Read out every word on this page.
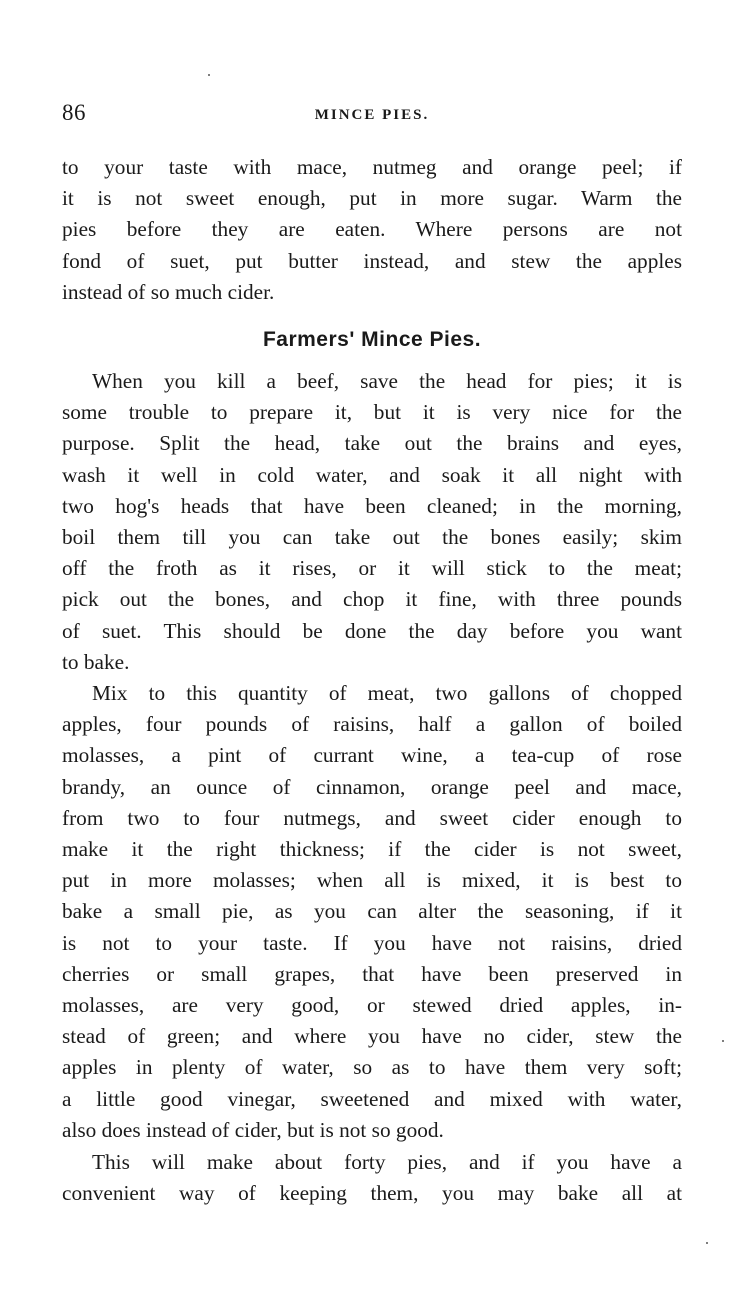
86	MINCE PIES.
to your taste with mace, nutmeg and orange peel; if
it is not sweet enough, put in more sugar. Warm the
pies before they are eaten. Where persons are not
fond of suet, put butter instead, and stew the apples
instead of so much cider.
Farmers' Mince Pies.
When you kill a beef, save the head for pies; it is
some trouble to prepare it, but it is very nice for the
purpose. Split the head, take out the brains and eyes,
wash it well in cold water, and soak it all night with
two hog's heads that have been cleaned; in the morning,
boil them till you can take out the bones easily; skim
off the froth as it rises, or it will stick to the meat;
pick out the bones, and chop it fine, with three pounds
of suet. This should be done the day before you want
to bake.
Mix to this quantity of meat, two gallons of chopped
apples, four pounds of raisins, half a gallon of boiled
molasses, a pint of currant wine, a tea-cup of rose
brandy, an ounce of cinnamon, orange peel and mace,
from two to four nutmegs, and sweet cider enough to
make it the right thickness; if the cider is not sweet,
put in more molasses; when all is mixed, it is best to
bake a small pie, as you can alter the seasoning, if it
is not to your taste. If you have not raisins, dried
cherries or small grapes, that have been preserved in
molasses, are very good, or stewed dried apples, in-
stead of green; and where you have no cider, stew the
apples in plenty of water, so as to have them very soft;
a little good vinegar, sweetened and mixed with water,
also does instead of cider, but is not so good.
This will make about forty pies, and if you have a
convenient way of keeping them, you may bake all at
